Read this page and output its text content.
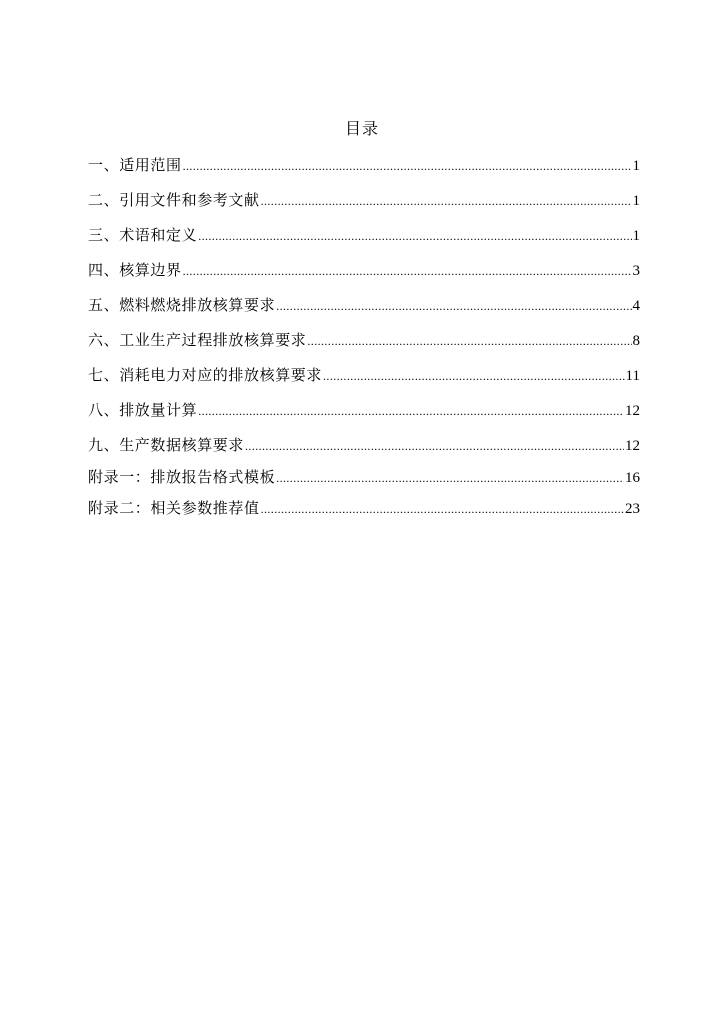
目录
一、适用范围 .....	1
二、引用文件和参考文献 .....	1
三、术语和定义 .....	1
四、核算边界 .....	3
五、燃料燃烧排放核算要求 .....	4
六、工业生产过程排放核算要求 .....	8
七、消耗电力对应的排放核算要求 .....	11
八、排放量计算 .....	12
九、生产数据核算要求 .....	12
附录一：排放报告格式模板 .....	16
附录二：相关参数推荐值 .....	23
